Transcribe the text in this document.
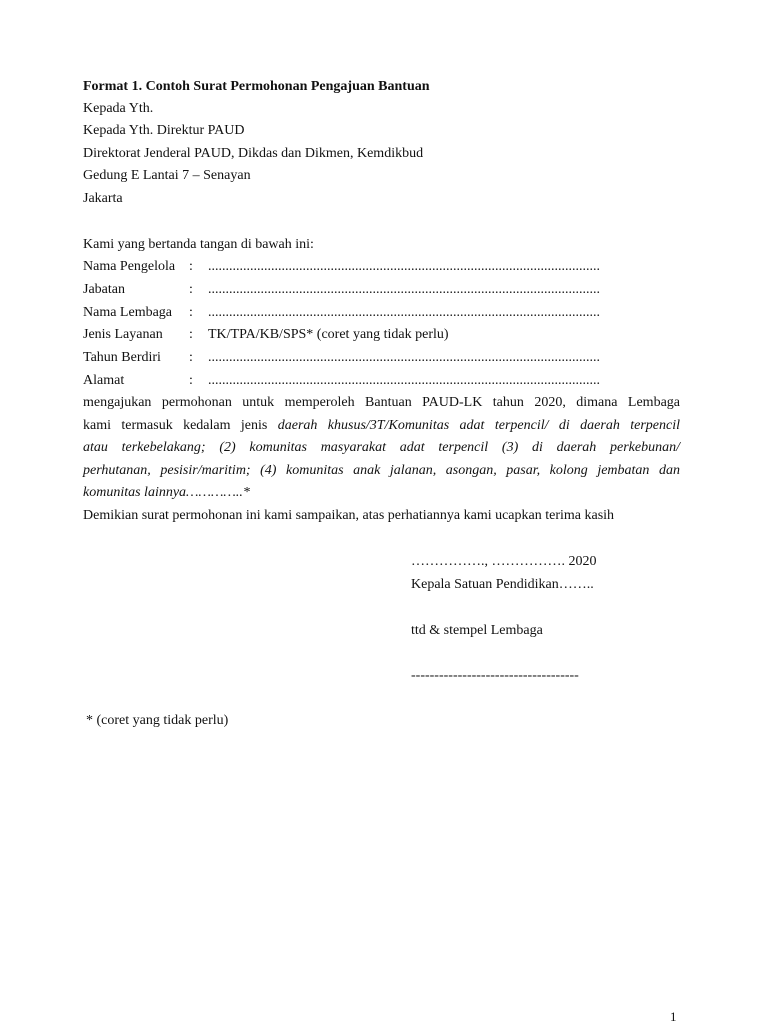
Format 1. Contoh Surat Permohonan Pengajuan Bantuan
Kepada Yth.
Kepada Yth. Direktur PAUD
Direktorat Jenderal PAUD, Dikdas dan Dikmen, Kemdikbud
Gedung E Lantai 7 – Senayan
Jakarta
Kami yang bertanda tangan di bawah ini:
Nama Pengelola : ................................................................................................................
Jabatan	: ................................................................................................................
Nama Lembaga : ................................................................................................................
Jenis Layanan : TK/TPA/KB/SPS* (coret yang tidak perlu)
Tahun Berdiri : ................................................................................................................
Alamat	: ................................................................................................................
mengajukan permohonan untuk memperoleh Bantuan PAUD-LK tahun 2020, dimana Lembaga
kami termasuk kedalam jenis daerah khusus/3T/Komunitas adat terpencil/ di daerah terpencil
atau terkebelakang; (2) komunitas masyarakat adat terpencil (3) di daerah perkebunan/
perhutanan, pesisir/maritim; (4) komunitas anak jalanan, asongan, pasar, kolong jembatan dan
komunitas lainnya…………..*
Demikian surat permohonan ini kami sampaikan, atas perhatiannya kami ucapkan terima kasih
……………., ……………. 2020
Kepala Satuan Pendidikan……..
ttd & stempel Lembaga
------------------------------------
* (coret yang tidak perlu)
1
